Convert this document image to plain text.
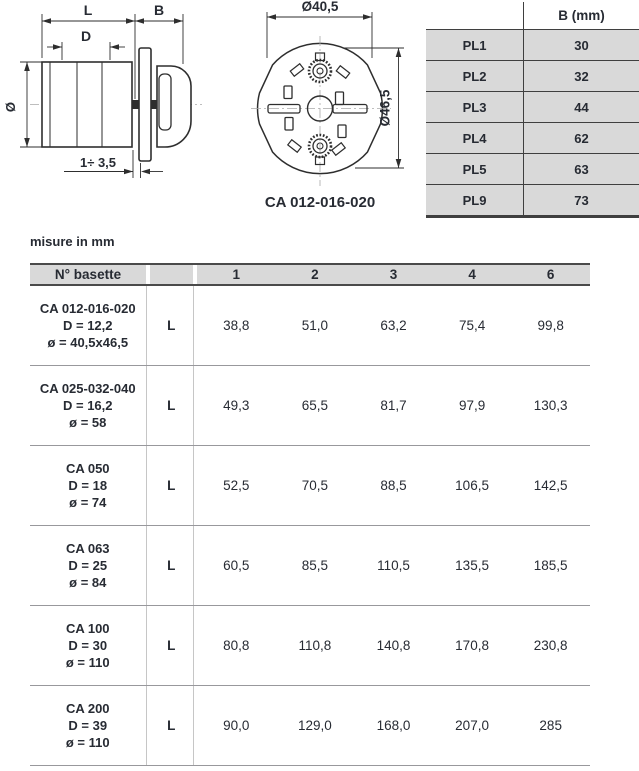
L	B
D
Ø
1÷ 3,5
Ø40,5
Ø46,5
CA 012-016-020
B (mm)
PL1	30
PL2	32
PL3	44
PL4	62
PL5	63
PL9	73
misure in mm
N° basette				1	2	3	4	6

CA 012-016-020
D = 12,2
ø = 40,5x46,5		L		38,8	51,0	63,2	75,4	99,8

CA 025-032-040
D = 16,2
ø = 58		L		49,3	65,5	81,7	97,9	130,3

CA 050
D = 18
ø = 74		L		52,5	70,5	88,5	106,5	142,5

CA 063
D = 25
ø = 84		L		60,5	85,5	110,5	135,5	185,5

CA 100
D = 30
ø = 110		L		80,8	110,8	140,8	170,8	230,8

CA 200
D = 39
ø = 110		L		90,0	129,0	168,0	207,0	285
